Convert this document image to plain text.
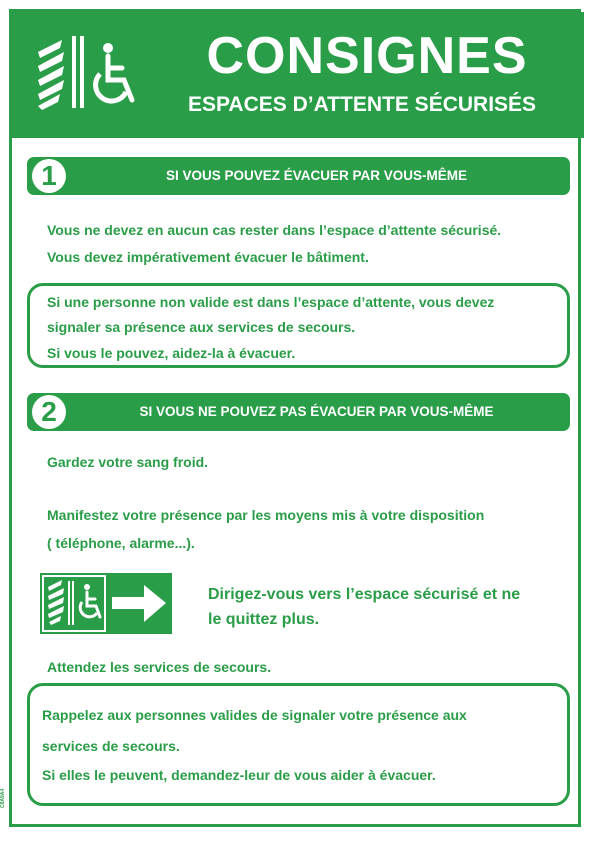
CONSIGNES
ESPACES D’ATTENTE SÉCURISÉS
1	SI VOUS POUVEZ ÉVACUER PAR VOUS-MÊME
Vous ne devez en aucun cas rester dans l’espace d’attente sécurisé.
Vous devez impérativement évacuer le bâtiment.
Si une personne non valide est dans l’espace d’attente, vous devez
signaler sa présence aux services de secours.
Si vous le pouvez, aidez-la à évacuer.
2	SI VOUS NE POUVEZ PAS ÉVACUER PAR VOUS-MÊME
Gardez votre sang froid.
Manifestez votre présence par les moyens mis à votre disposition
( téléphone, alarme...).
Dirigez-vous vers l’espace sécurisé et ne
le quittez plus.
Attendez les services de secours.
Rappelez aux personnes valides de signaler votre présence aux
services de secours.
Si elles le peuvent, demandez-leur de vous aider à évacuer.
C8A9A4
